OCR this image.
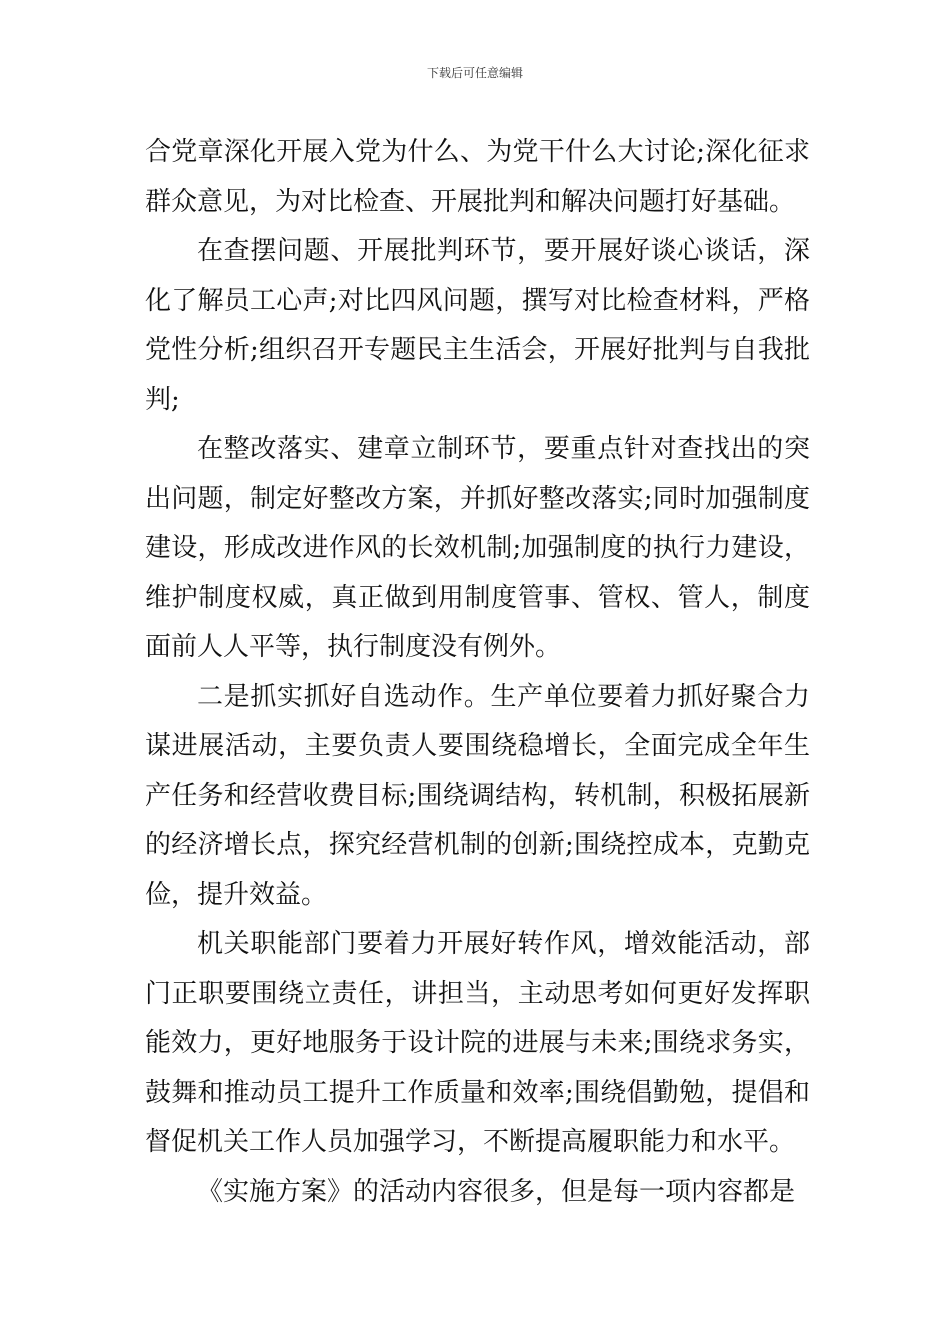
下载后可任意编辑

合党章深化开展入党为什么、为党干什么大讨论;深化征求群众意见，为对比检查、开展批判和解决问题打好基础。

在查摆问题、开展批判环节，要开展好谈心谈话，深化了解员工心声;对比四风问题，撰写对比检查材料，严格党性分析;组织召开专题民主生活会，开展好批判与自我批判;

在整改落实、建章立制环节，要重点针对查找出的突出问题，制定好整改方案，并抓好整改落实;同时加强制度建设，形成改进作风的长效机制;加强制度的执行力建设，维护制度权威，真正做到用制度管事、管权、管人，制度面前人人平等，执行制度没有例外。

二是抓实抓好自选动作。生产单位要着力抓好聚合力谋进展活动，主要负责人要围绕稳增长，全面完成全年生产任务和经营收费目标;围绕调结构，转机制，积极拓展新的经济增长点，探究经营机制的创新;围绕控成本，克勤克俭，提升效益。

机关职能部门要着力开展好转作风，增效能活动，部门正职要围绕立责任，讲担当，主动思考如何更好发挥职能效力，更好地服务于设计院的进展与未来;围绕求务实，鼓舞和推动员工提升工作质量和效率;围绕倡勤勉，提倡和督促机关工作人员加强学习，不断提高履职能力和水平。

《实施方案》的活动内容很多，但是每一项内容都是
